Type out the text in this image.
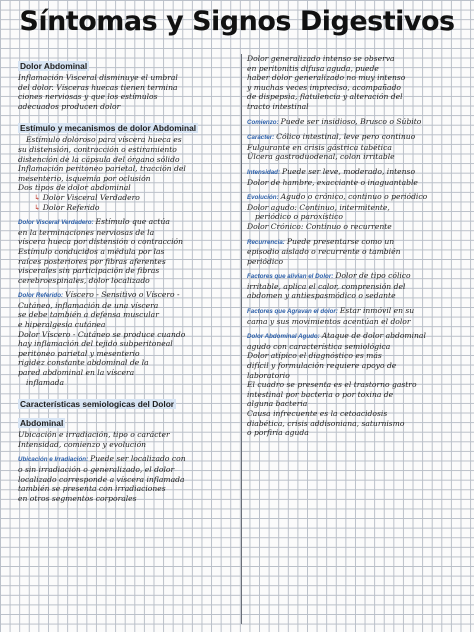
Síntomas y Signos Digestivos
Dolor Abdominal

Inflamación Visceral disminuye el umbral

del dolor. Vísceras huecas tienen termina

ciones nerviosas y que los estímulos

adecuados producen dolor

Estímulo y mecanismos de dolor Abdominal

Estímulo doloroso para víscera hueca es

su distensión, contracción o estiramiento

distención de la cápsula del órgano sólido

Inflamación peritoneo parietal, tracción del

mesenterio, isquemia por oclusión

Dos tipos de dolor abdominal

↳ Dolor Visceral Verdadero

↳ Dolor Referido

Dolor Visceral Verdadero: Estímulo que actúa

en la terminaciones nerviosas de la

víscera hueca por distensión o contracción

Estímulo conducidos a médula por las

raíces posteriores por fibras aferentes

viscerales sin participación de fibras

cerebroespinales, dolor localizado

Dolor Referido: Víscero - Sensitivo o Víscero -

Cutáneo, inflamación de una víscera

se debe también a defensa muscular

e hiperalgesia cutánea

Dolor Víscero - Cutáneo se produce cuando

hay inflamación del tejido subperitoneal

peritoneo parietal y mesenterio

rigidez constante abdominal de la

pared abdominal en la víscera

inflamada

Características semiologicas del Dolor
Abdominal

Ubicación e irradiación, tipo o carácter

Intensidad, comienzo y evolución

Ubicación e Irradiación: Puede ser localizado con

o sin irradiación o generalizado, el dolor

localizado corresponde a víscera inflamada

también se presenta con irradiaciones

en otros segmentos corporales

Dolor generalizado intenso se observa

en peritonitis difusa aguda, puede

haber dolor generalizado no muy intenso

y muchas veces impreciso, acompañado

de dispepsia, flatulencia y alteración del

tracto intestinal

Comienzo: Puede ser insidioso, Brusco o Súbito

Carácter: Cólico intestinal, leve pero continuo

Fulgurante en crisis gástrica tabética

Úlcera gastroduodenal, colon irritable

Intensidad: Puede ser leve, moderado, intenso

Dolor de hambre, exacciante o inaguantable

Evolución: Agudo o crónico, continuo o periódico

Dolor agudo: Continuo, intermitente,

periódico o paroxístico

Dolor Crónico: Continuo o recurrente

Recurrencia: Puede presentarse como un

episodio aislado o recurrente o también

periódico

Factores que alivian el Dolor: Dolor de tipo cólico

irritable, aplica el calor, comprensión del

abdomen y antiespasmódico o sedante

Factores que Agravan el dolor: Estar inmóvil en su

cama y sus movimientos acentúan el dolor

Dolor Abdominal Agudo: Ataque de dolor abdominal

agudo con característica semiológica

Dolor atípico el diagnóstico es más

difícil y formulación requiere apoyo de

laboratorio

El cuadro se presenta es el trastorno gastro

intestinal por bacteria o por toxina de

alguna bacteria

Causa infrecuente es la cetoacidosis

diabética, crisis addisoniana, saturnismo

o porfiria aguda
